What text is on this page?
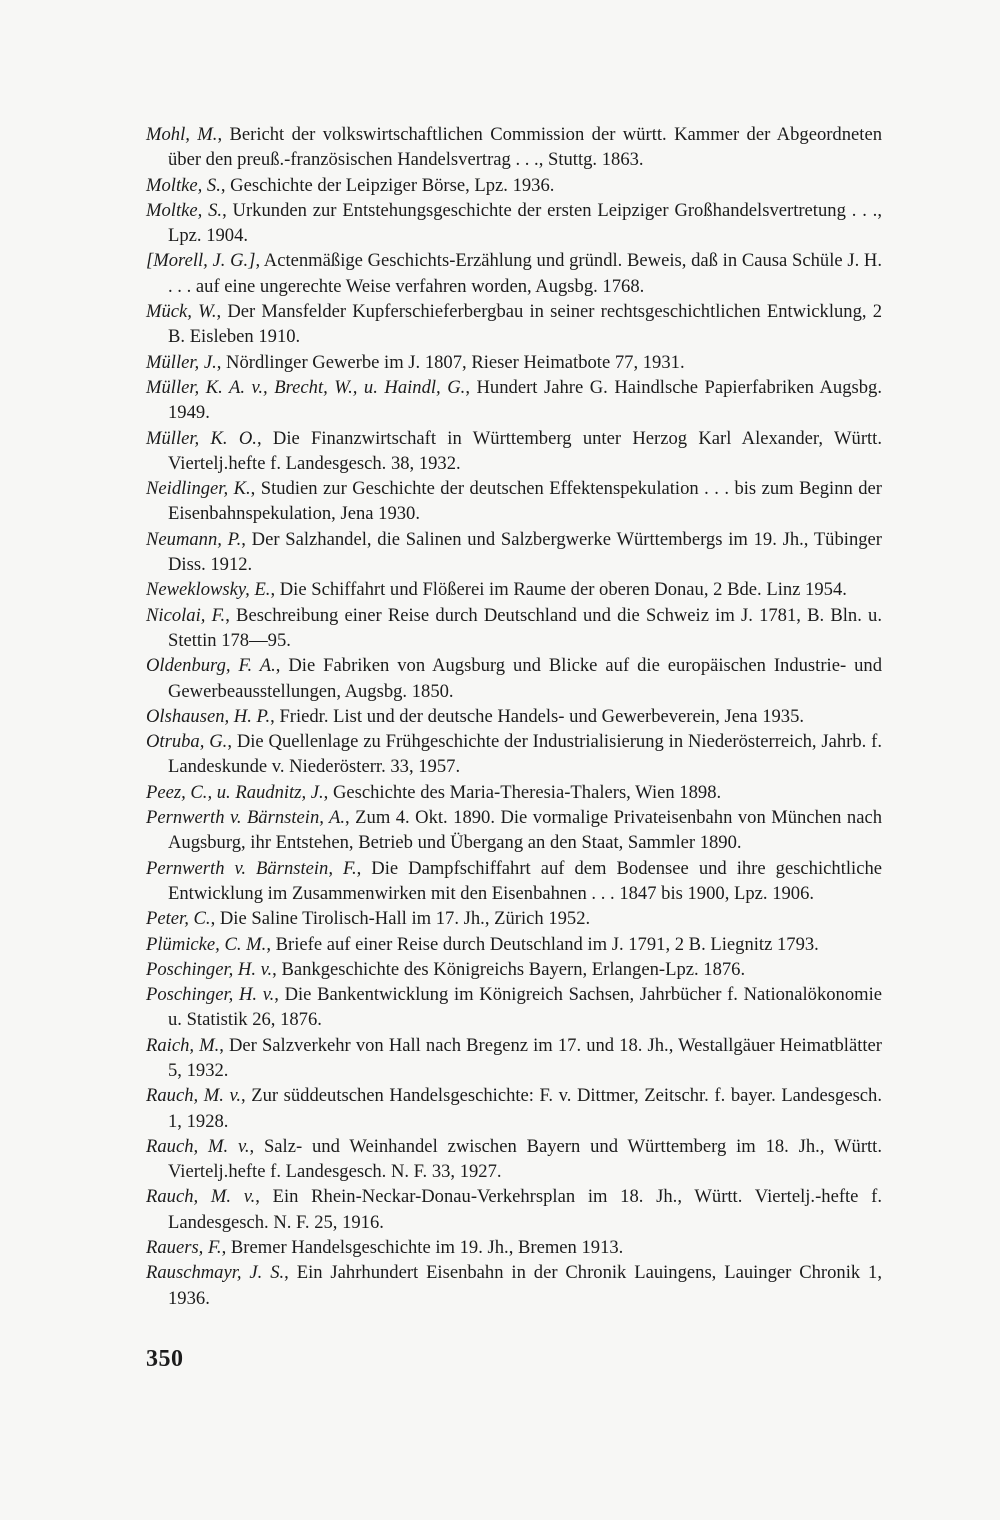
Mohl, M., Bericht der volkswirtschaftlichen Commission der württ. Kammer der Abgeordneten über den preuß.-französischen Handelsvertrag . . ., Stuttg. 1863.

Moltke, S., Geschichte der Leipziger Börse, Lpz. 1936.

Moltke, S., Urkunden zur Entstehungsgeschichte der ersten Leipziger Großhandelsvertretung . . ., Lpz. 1904.

[Morell, J. G.], Actenmäßige Geschichts-Erzählung und gründl. Beweis, daß in Causa Schüle J. H. . . . auf eine ungerechte Weise verfahren worden, Augsbg. 1768.

Mück, W., Der Mansfelder Kupferschieferbergbau in seiner rechtsgeschichtlichen Entwicklung, 2 B. Eisleben 1910.

Müller, J., Nördlinger Gewerbe im J. 1807, Rieser Heimatbote 77, 1931.

Müller, K. A. v., Brecht, W., u. Haindl, G., Hundert Jahre G. Haindlsche Papierfabriken Augsbg. 1949.

Müller, K. O., Die Finanzwirtschaft in Württemberg unter Herzog Karl Alexander, Württ. Viertelj.hefte f. Landesgesch. 38, 1932.

Neidlinger, K., Studien zur Geschichte der deutschen Effektenspekulation . . . bis zum Beginn der Eisenbahnspekulation, Jena 1930.

Neumann, P., Der Salzhandel, die Salinen und Salzbergwerke Württembergs im 19. Jh., Tübinger Diss. 1912.

Neweklowsky, E., Die Schiffahrt und Flößerei im Raume der oberen Donau, 2 Bde. Linz 1954.

Nicolai, F., Beschreibung einer Reise durch Deutschland und die Schweiz im J. 1781, B. Bln. u. Stettin 178—95.

Oldenburg, F. A., Die Fabriken von Augsburg und Blicke auf die europäischen Industrie- und Gewerbeausstellungen, Augsbg. 1850.

Olshausen, H. P., Friedr. List und der deutsche Handels- und Gewerbeverein, Jena 1935.

Otruba, G., Die Quellenlage zu Frühgeschichte der Industrialisierung in Niederösterreich, Jahrb. f. Landeskunde v. Niederösterr. 33, 1957.

Peez, C., u. Raudnitz, J., Geschichte des Maria-Theresia-Thalers, Wien 1898.

Pernwerth v. Bärnstein, A., Zum 4. Okt. 1890. Die vormalige Privateisenbahn von München nach Augsburg, ihr Entstehen, Betrieb und Übergang an den Staat, Sammler 1890.

Pernwerth v. Bärnstein, F., Die Dampfschiffahrt auf dem Bodensee und ihre geschichtliche Entwicklung im Zusammenwirken mit den Eisenbahnen . . . 1847 bis 1900, Lpz. 1906.

Peter, C., Die Saline Tirolisch-Hall im 17. Jh., Zürich 1952.

Plümicke, C. M., Briefe auf einer Reise durch Deutschland im J. 1791, 2 B. Liegnitz 1793.

Poschinger, H. v., Bankgeschichte des Königreichs Bayern, Erlangen-Lpz. 1876.

Poschinger, H. v., Die Bankentwicklung im Königreich Sachsen, Jahrbücher f. Nationalökonomie u. Statistik 26, 1876.

Raich, M., Der Salzverkehr von Hall nach Bregenz im 17. und 18. Jh., Westallgäuer Heimatblätter 5, 1932.

Rauch, M. v., Zur süddeutschen Handelsgeschichte: F. v. Dittmer, Zeitschr. f. bayer. Landesgesch. 1, 1928.

Rauch, M. v., Salz- und Weinhandel zwischen Bayern und Württemberg im 18. Jh., Württ. Viertelj.hefte f. Landesgesch. N. F. 33, 1927.

Rauch, M. v., Ein Rhein-Neckar-Donau-Verkehrsplan im 18. Jh., Württ. Viertelj.-hefte f. Landesgesch. N. F. 25, 1916.

Rauers, F., Bremer Handelsgeschichte im 19. Jh., Bremen 1913.

Rauschmayr, J. S., Ein Jahrhundert Eisenbahn in der Chronik Lauingens, Lauinger Chronik 1, 1936.

350
